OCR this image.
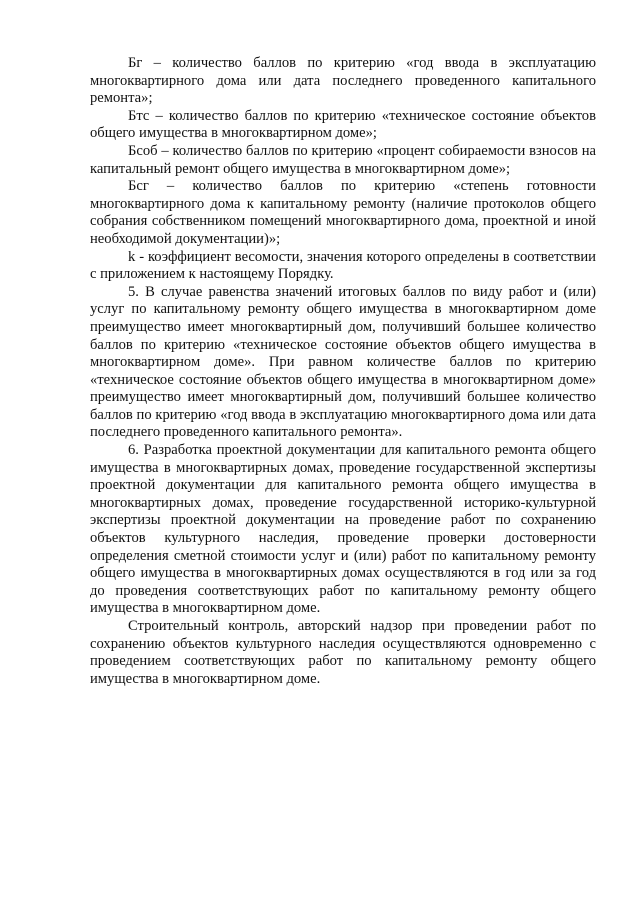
Бг – количество баллов по критерию «год ввода в эксплуатацию многоквартирного дома или дата последнего проведенного капитального ремонта»;

Бтс – количество баллов по критерию «техническое состояние объектов общего имущества в многоквартирном доме»;

Бсоб – количество баллов по критерию «процент собираемости взносов на капитальный ремонт общего имущества в многоквартирном доме»;

Бсг – количество баллов по критерию «степень готовности многоквартирного дома к капитальному ремонту (наличие протоколов общего собрания собственником помещений многоквартирного дома, проектной и иной необходимой документации)»;

k - коэффициент весомости, значения которого определены в соответствии с приложением к настоящему Порядку.

5. В случае равенства значений итоговых баллов по виду работ и (или) услуг по капитальному ремонту общего имущества в многоквартирном доме преимущество имеет многоквартирный дом, получивший большее количество баллов по критерию «техническое состояние объектов общего имущества в многоквартирном доме». При равном количестве баллов по критерию «техническое состояние объектов общего имущества в многоквартирном доме» преимущество имеет многоквартирный дом, получивший большее количество баллов по критерию «год ввода в эксплуатацию многоквартирного дома или дата последнего проведенного капитального ремонта».

6. Разработка проектной документации для капитального ремонта общего имущества в многоквартирных домах, проведение государственной экспертизы проектной документации для капитального ремонта общего имущества в многоквартирных домах, проведение государственной историко-культурной экспертизы проектной документации на проведение работ по сохранению объектов культурного наследия, проведение проверки достоверности определения сметной стоимости услуг и (или) работ по капитальному ремонту общего имущества в многоквартирных домах осуществляются в год или за год до проведения соответствующих работ по капитальному ремонту общего имущества в многоквартирном доме.

Строительный контроль, авторский надзор при проведении работ по сохранению объектов культурного наследия осуществляются одновременно с проведением соответствующих работ по капитальному ремонту общего имущества в многоквартирном доме.
